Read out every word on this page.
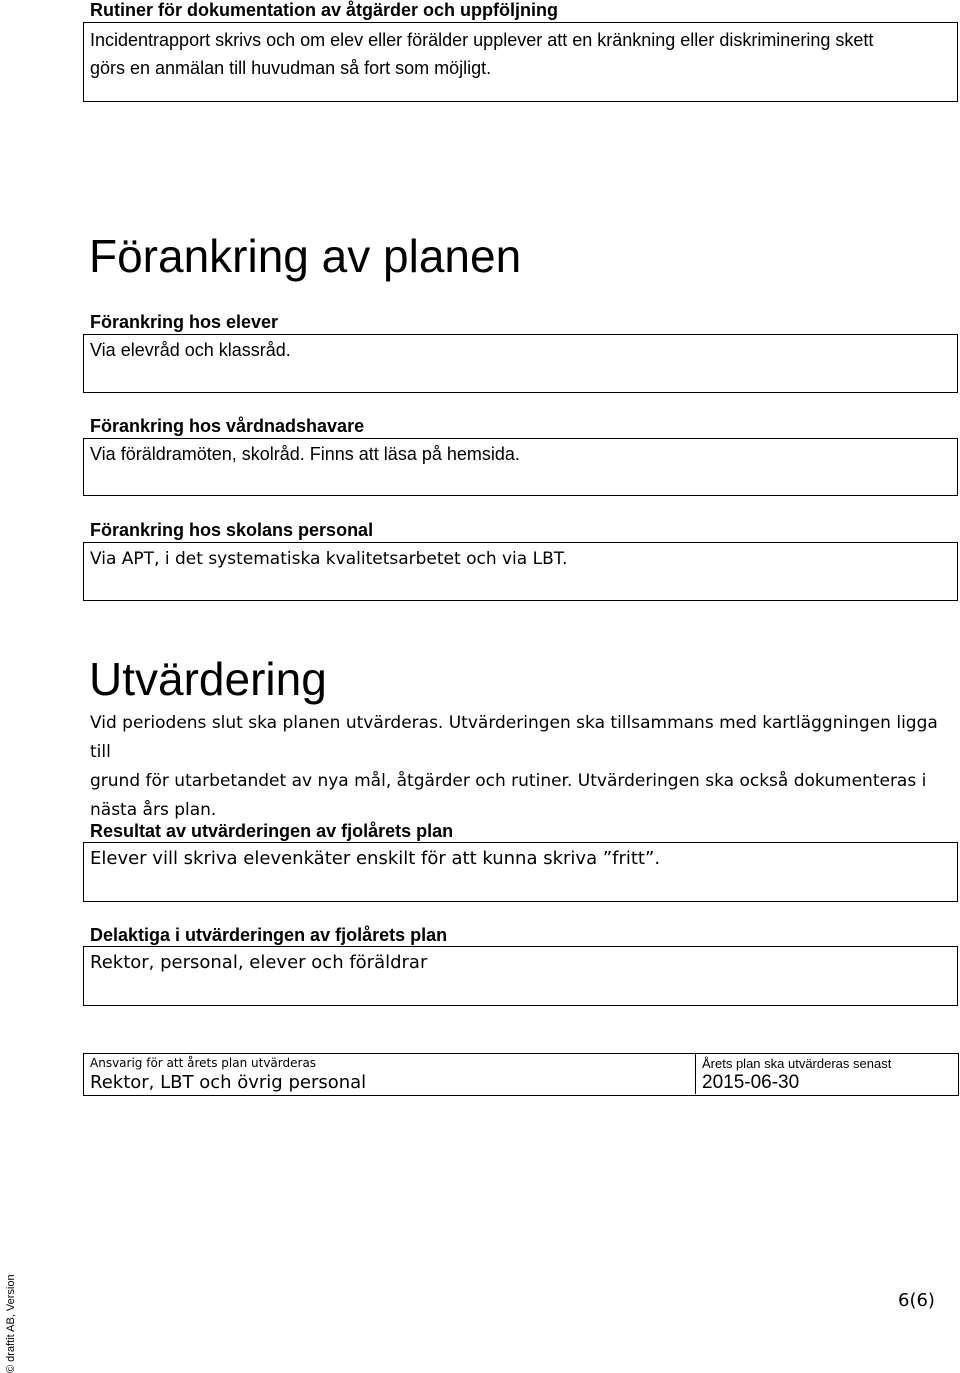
Rutiner för dokumentation av åtgärder och uppföljning
Incidentrapport skrivs och om elev eller förälder upplever att en kränkning eller diskriminering skett
görs en anmälan till huvudman så fort som möjligt.
Förankring av planen
Förankring hos elever
Via elevråd och klassråd.
Förankring hos vårdnadshavare
Via föräldramöten, skolråd. Finns att läsa på hemsida.
Förankring hos skolans personal
Via APT, i det systematiska kvalitetsarbetet och via LBT.
Utvärdering
Vid periodens slut ska planen utvärderas. Utvärderingen ska tillsammans med kartläggningen ligga till
grund för utarbetandet av nya mål, åtgärder och rutiner. Utvärderingen ska också dokumenteras i
nästa års plan.
Resultat av utvärderingen av fjolårets plan
Elever vill skriva elevenkäter enskilt för att kunna skriva ”fritt”.
Delaktiga i utvärderingen av fjolårets plan
Rektor, personal, elever och föräldrar
Ansvarig för att årets plan utvärderas
Rektor, LBT och övrig personal
Årets plan ska utvärderas senast
2015-06-30
© draftit AB, Version	6(6)
